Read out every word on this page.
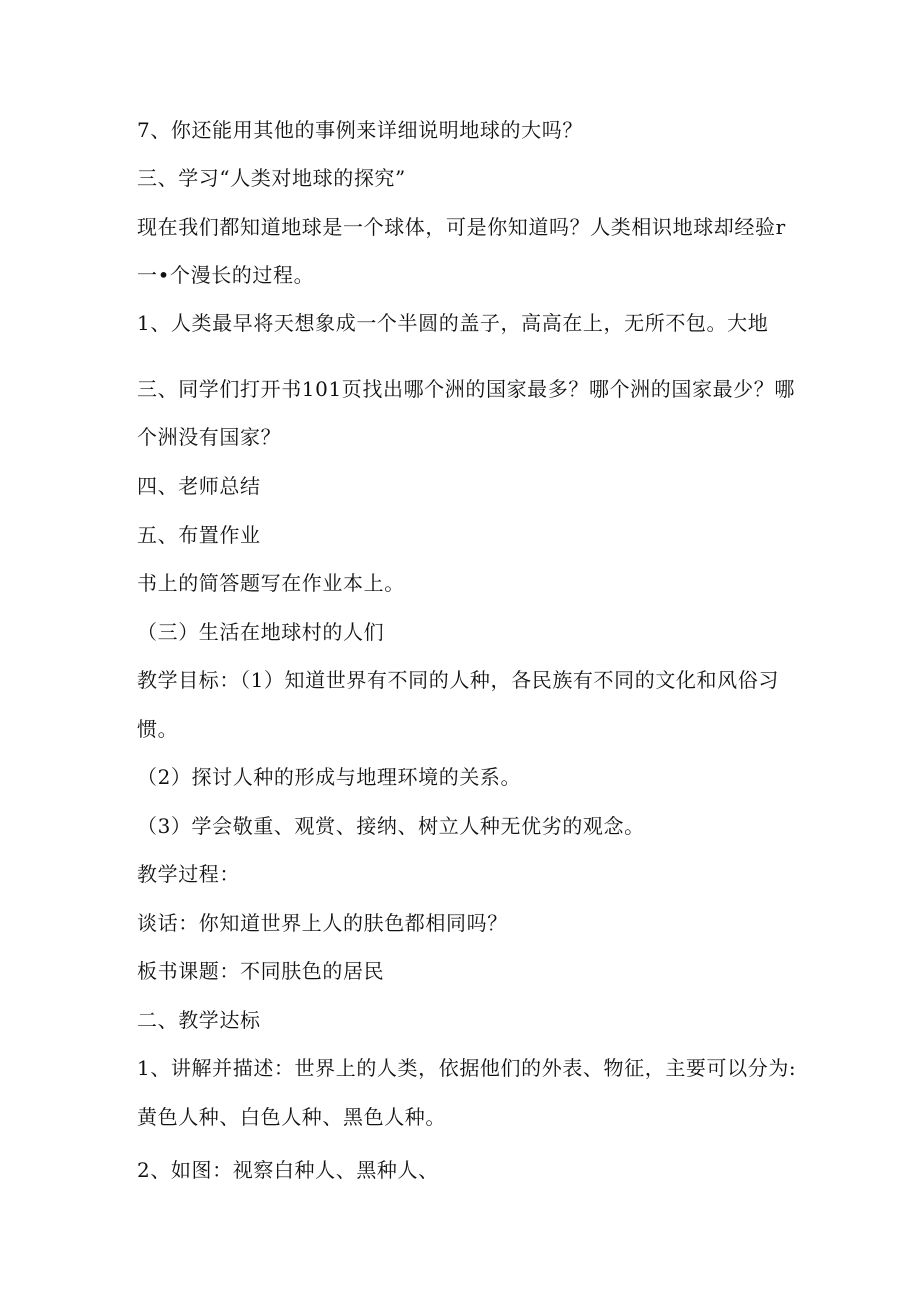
7、你还能用其他的事例来详细说明地球的大吗？
三、学习“人类对地球的探究”
现在我们都知道地球是一个球体，可是你知道吗？人类相识地球却经验r
一•个漫长的过程。
1、人类最早将天想象成一个半圆的盖子，高高在上，无所不包。大地
三、同学们打开书101页找出哪个洲的国家最多？哪个洲的国家最少？哪
个洲没有国家？
四、老师总结
五、布置作业
书上的简答题写在作业本上。
（三）生活在地球村的人们
教学目标：（1）知道世界有不同的人种，各民族有不同的文化和风俗习
惯。
（2）探讨人种的形成与地理环境的关系。
（3）学会敬重、观赏、接纳、树立人种无优劣的观念。
教学过程：
谈话：你知道世界上人的肤色都相同吗？
板书课题：不同肤色的居民
二、教学达标
1、讲解并描述：世界上的人类，依据他们的外表、物征，主要可以分为:
黄色人种、白色人种、黑色人种。
2、如图：视察白种人、黑种人、
